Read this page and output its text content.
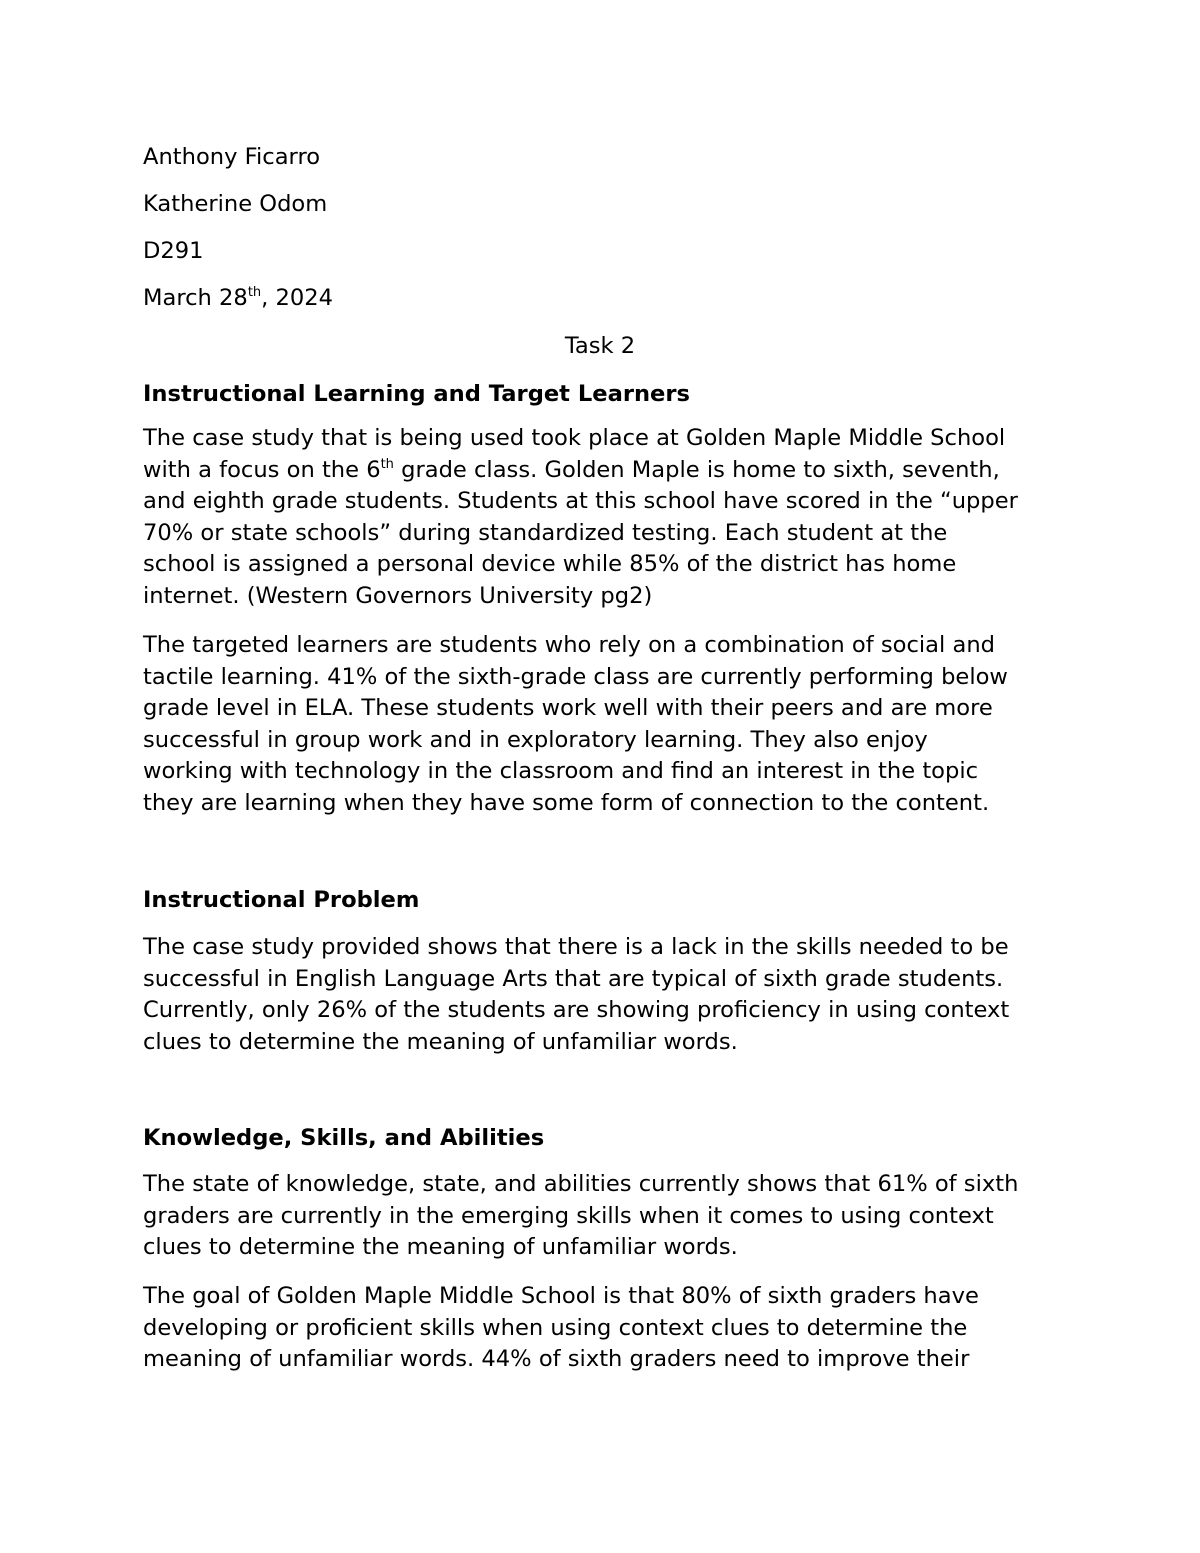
Anthony Ficarro

Katherine Odom

D291

March 28th, 2024

Task 2

Instructional Learning and Target Learners

The case study that is being used took place at Golden Maple Middle School
with a focus on the 6th grade class. Golden Maple is home to sixth, seventh,
and eighth grade students. Students at this school have scored in the “upper
70% or state schools” during standardized testing. Each student at the
school is assigned a personal device while 85% of the district has home
internet. (Western Governors University pg2)
The targeted learners are students who rely on a combination of social and
tactile learning. 41% of the sixth-grade class are currently performing below
grade level in ELA. These students work well with their peers and are more
successful in group work and in exploratory learning. They also enjoy
working with technology in the classroom and find an interest in the topic
they are learning when they have some form of connection to the content.

Instructional Problem

The case study provided shows that there is a lack in the skills needed to be
successful in English Language Arts that are typical of sixth grade students.
Currently, only 26% of the students are showing proficiency in using context
clues to determine the meaning of unfamiliar words.

Knowledge, Skills, and Abilities

The state of knowledge, state, and abilities currently shows that 61% of sixth
graders are currently in the emerging skills when it comes to using context
clues to determine the meaning of unfamiliar words.
The goal of Golden Maple Middle School is that 80% of sixth graders have
developing or proficient skills when using context clues to determine the
meaning of unfamiliar words. 44% of sixth graders need to improve their
